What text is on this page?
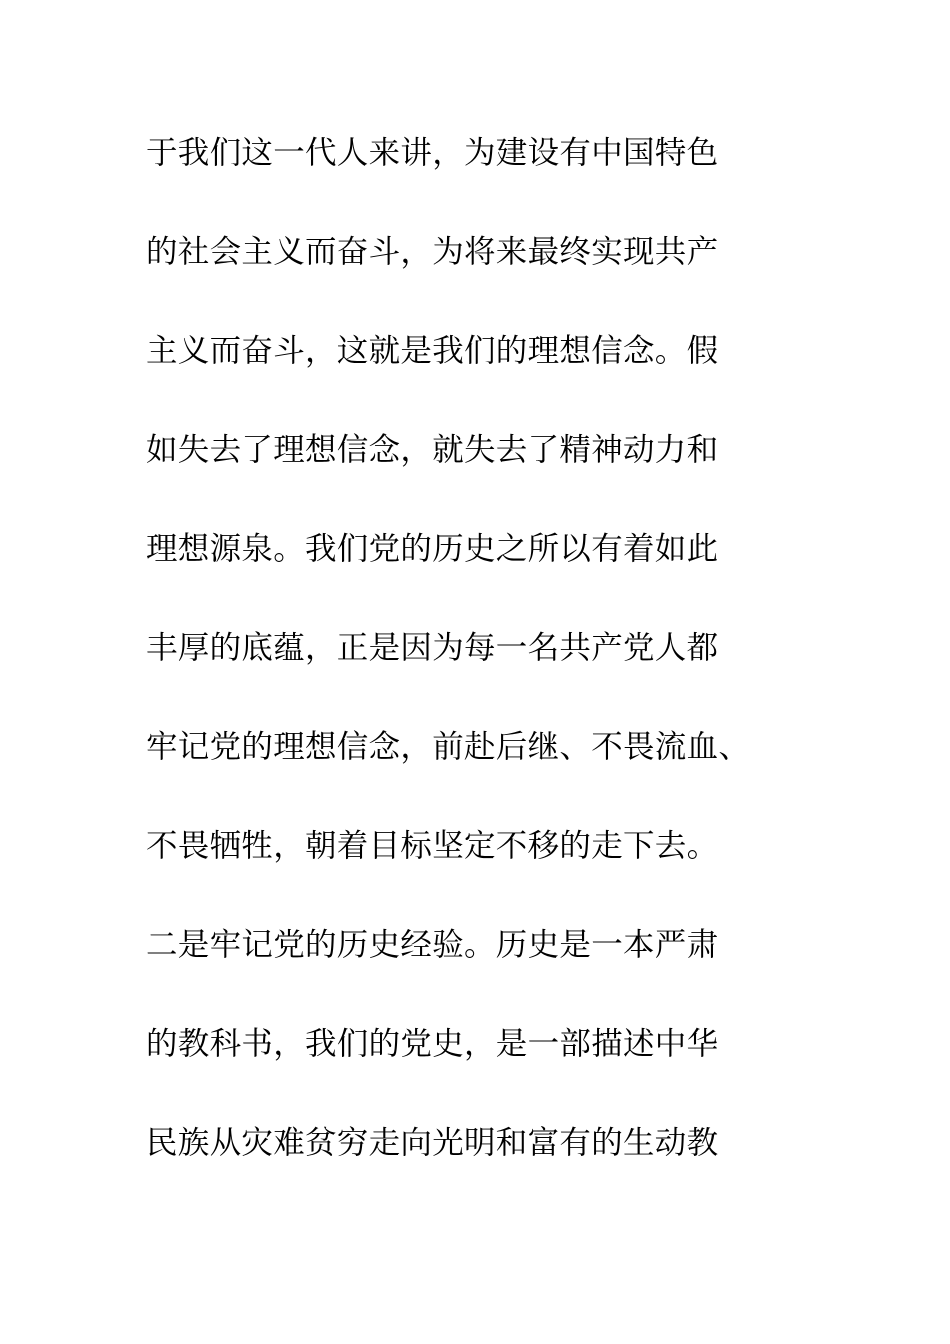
于我们这一代人来讲，为建设有中国特色
的社会主义而奋斗，为将来最终实现共产
主义而奋斗，这就是我们的理想信念。假
如失去了理想信念，就失去了精神动力和
理想源泉。我们党的历史之所以有着如此
丰厚的底蕴，正是因为每一名共产党人都
牢记党的理想信念，前赴后继、不畏流血、
不畏牺牲，朝着目标坚定不移的走下去。
二是牢记党的历史经验。历史是一本严肃
的教科书，我们的党史，是一部描述中华
民族从灾难贫穷走向光明和富有的生动教
